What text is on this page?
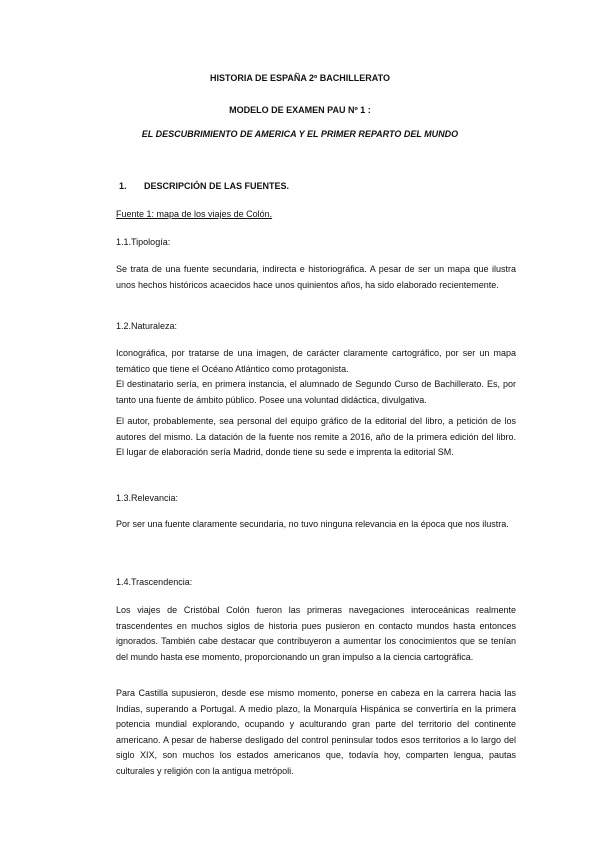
HISTORIA DE ESPAÑA 2º BACHILLERATO
MODELO DE EXAMEN PAU Nº 1 :
EL DESCUBRIMIENTO DE AMERICA Y EL PRIMER REPARTO DEL MUNDO
1. DESCRIPCIÓN DE LAS FUENTES.
Fuente 1: mapa de los viajes de Colón.
1.1.Tipología:

Se trata de una fuente secundaria, indirecta e historiográfica. A pesar de ser un mapa que ilustra unos hechos históricos acaecidos hace unos quinientos años, ha sido elaborado recientemente.

1.2.Naturaleza:

Iconográfica, por tratarse de una imagen, de carácter claramente cartográfico, por ser un mapa temático que tiene el Océano Atlántico como protagonista.

El destinatario sería, en primera instancia, el alumnado de Segundo Curso de Bachillerato. Es, por tanto una fuente de ámbito público. Posee una voluntad didáctica, divulgativa.

El autor, probablemente, sea personal del equipo gráfico de la editorial del libro, a petición de los autores del mismo. La datación de la fuente nos remite a 2016, año de la primera edición del libro. El lugar de elaboración sería Madrid, donde tiene su sede e imprenta la editorial SM.

1.3.Relevancia:

Por ser una fuente claramente secundaria, no tuvo ninguna relevancia en la época que nos ilustra.

1.4.Trascendencia:

Los viajes de Cristóbal Colón fueron las primeras navegaciones interoceánicas realmente trascendentes en muchos siglos de historia pues pusieron en contacto mundos hasta entonces ignorados. También cabe destacar que contribuyeron a aumentar los conocimientos que se tenían del mundo hasta ese momento, proporcionando un gran impulso a la ciencia cartográfica.

Para Castilla supusieron, desde ese mismo momento, ponerse en cabeza en la carrera hacia las Indias, superando a Portugal. A medio plazo, la Monarquía Hispánica se convertiría en la primera potencia mundial explorando, ocupando y aculturando gran parte del territorio del continente americano. A pesar de haberse desligado del control peninsular todos esos territorios a lo largo del siglo XIX, son muchos los estados americanos que, todavía hoy, comparten lengua, pautas culturales y religión con la antigua metrópoli.
